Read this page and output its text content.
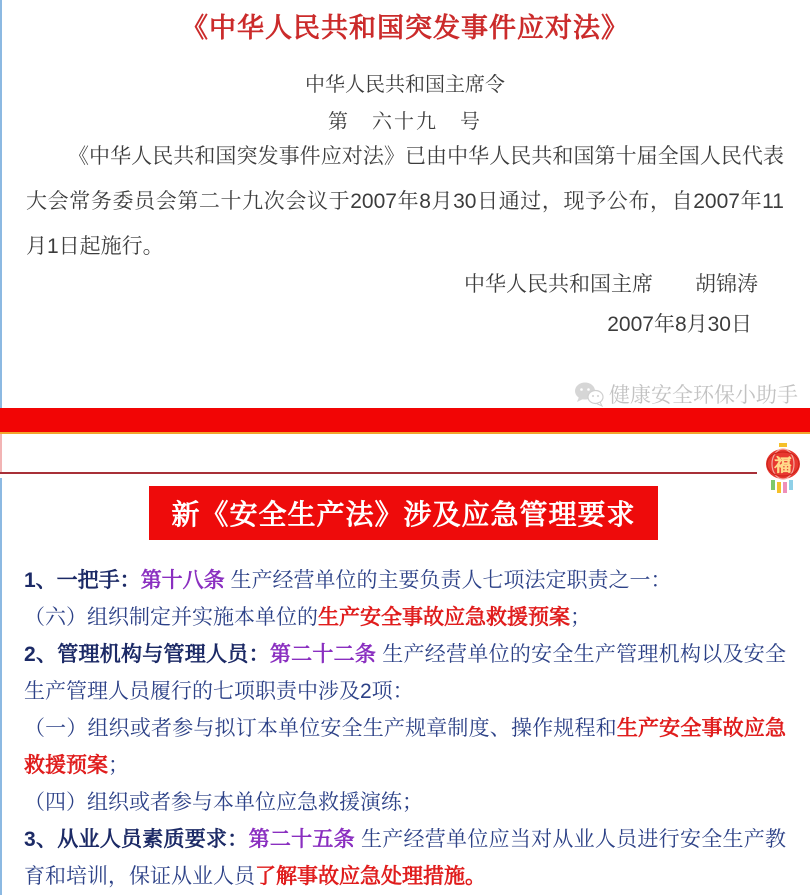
《中华人民共和国突发事件应对法》
中华人民共和国主席令
第　六十九　号

《中华人民共和国突发事件应对法》已由中华人民共和国第十届全国人民代表大会常务委员会第二十九次会议于2007年8月30日通过，现予公布，自2007年11月1日起施行。

中华人民共和国主席　　胡锦涛
2007年8月30日
健康安全环保小助手
福
新《安全生产法》涉及应急管理要求

1、一把手：第十八条 生产经营单位的主要负责人七项法定职责之一：

（六）组织制定并实施本单位的生产安全事故应急救援预案；

2、管理机构与管理人员：第二十二条 生产经营单位的安全生产管理机构以及安全生产管理人员履行的七项职责中涉及2项：

（一）组织或者参与拟订本单位安全生产规章制度、操作规程和生产安全事故应急救援预案；

（四）组织或者参与本单位应急救援演练；

3、从业人员素质要求：第二十五条 生产经营单位应当对从业人员进行安全生产教育和培训，保证从业人员了解事故应急处理措施。
